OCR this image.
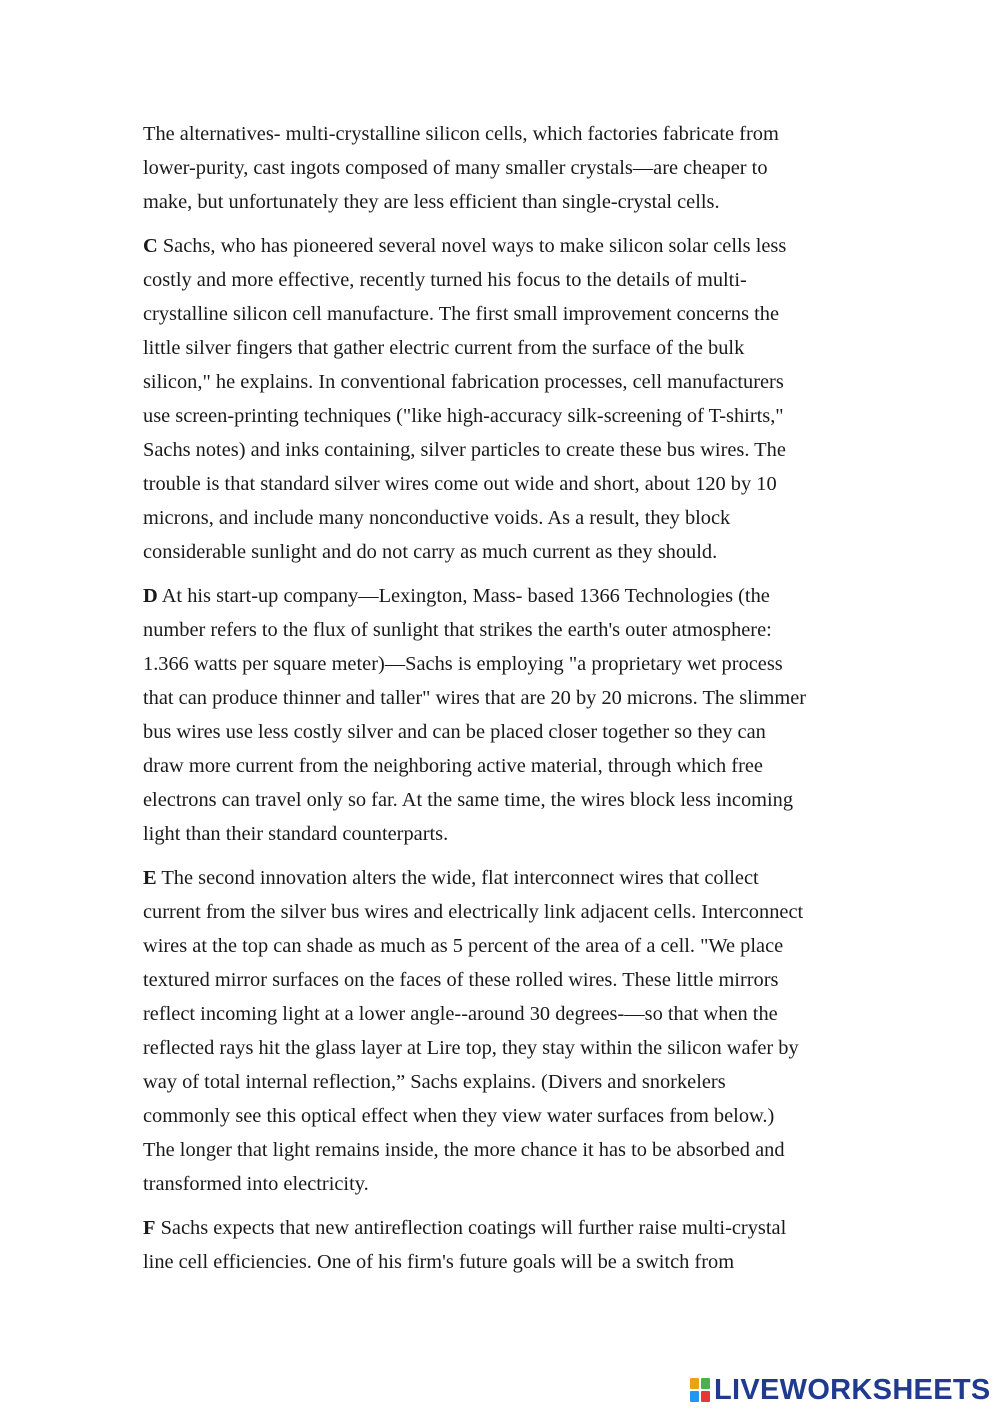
The alternatives- multi-crystalline silicon cells, which factories fabricate from
lower-purity, cast ingots composed of many smaller crystals—are cheaper to
make, but unfortunately they are less efficient than single-crystal cells.

C Sachs, who has pioneered several novel ways to make silicon solar cells less
costly and more effective, recently turned his focus to the details of multi-
crystalline silicon cell manufacture. The first small improvement concerns the
little silver fingers that gather electric current from the surface of the bulk
silicon," he explains. In conventional fabrication processes, cell manufacturers
use screen-printing techniques ("like high-accuracy silk-screening of T-shirts,"
Sachs notes) and inks containing, silver particles to create these bus wires. The
trouble is that standard silver wires come out wide and short, about 120 by 10
microns, and include many nonconductive voids. As a result, they block
considerable sunlight and do not carry as much current as they should.

D At his start-up company—Lexington, Mass- based 1366 Technologies (the
number refers to the flux of sunlight that strikes the earth's outer atmosphere:
1.366 watts per square meter)—Sachs is employing "a proprietary wet process
that can produce thinner and taller" wires that are 20 by 20 microns. The slimmer
bus wires use less costly silver and can be placed closer together so they can
draw more current from the neighboring active material, through which free
electrons can travel only so far. At the same time, the wires block less incoming
light than their standard counterparts.

E The second innovation alters the wide, flat interconnect wires that collect
current from the silver bus wires and electrically link adjacent cells. Interconnect
wires at the top can shade as much as 5 percent of the area of a cell. "We place
textured mirror surfaces on the faces of these rolled wires. These little mirrors
reflect incoming light at a lower angle--around 30 degrees-—so that when the
reflected rays hit the glass layer at Lire top, they stay within the silicon wafer by
way of total internal reflection,” Sachs explains. (Divers and snorkelers
commonly see this optical effect when they view water surfaces from below.)
The longer that light remains inside, the more chance it has to be absorbed and
transformed into electricity.

F Sachs expects that new antireflection coatings will further raise multi-crystal
line cell efficiencies. One of his firm's future goals will be a switch from

LIVEWORKSHEETS
